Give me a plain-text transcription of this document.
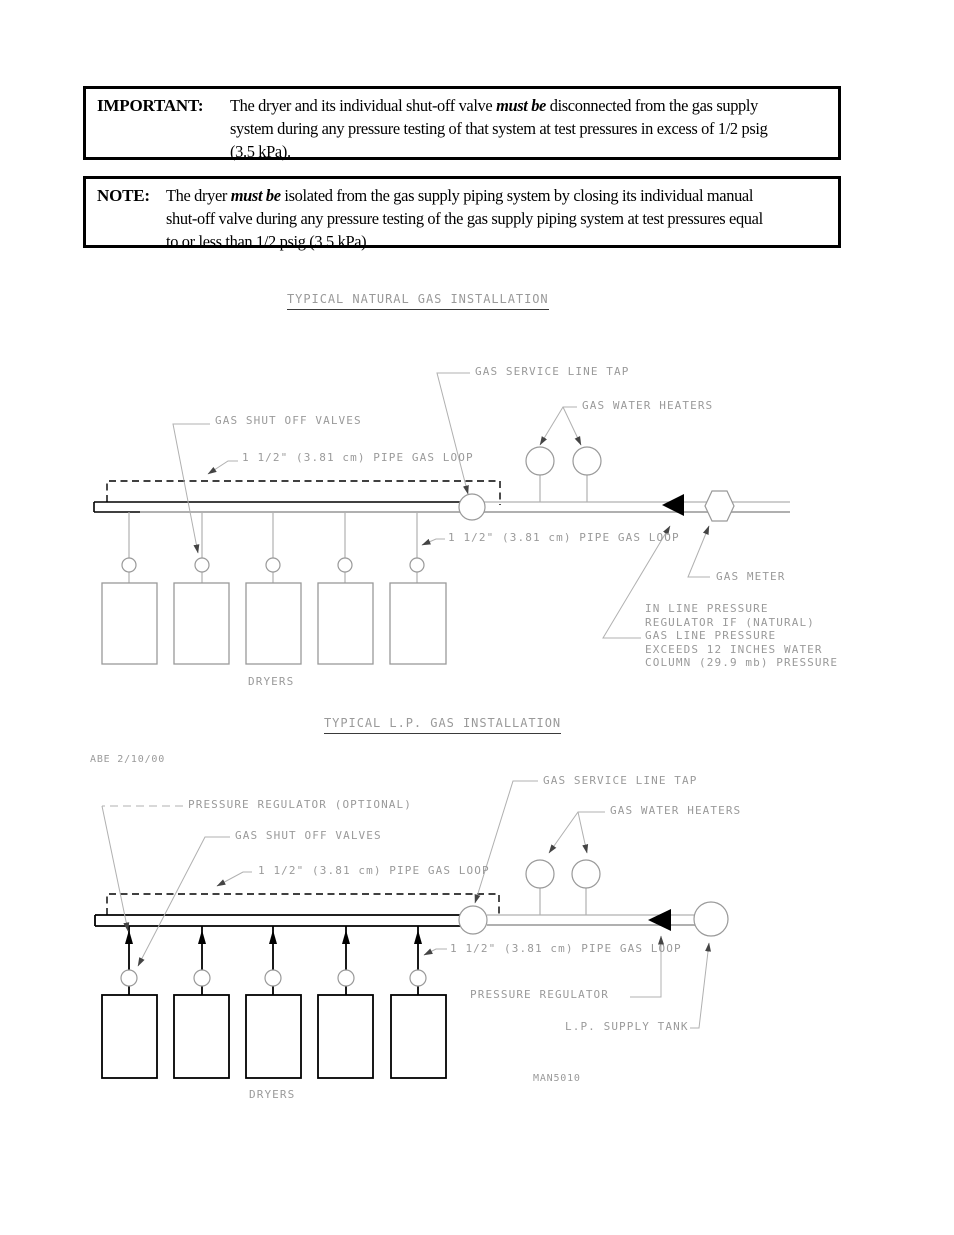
IMPORTANT:	The dryer and its individual shut-off valve must be disconnected from the gas supply
system during any pressure testing of that system at test pressures in excess of 1/2 psig
(3.5 kPa).
NOTE: The dryer must be isolated from the gas supply piping system by closing its individual manual
shut-off valve during any pressure testing of the gas supply piping system at test pressures equal
to or less than 1/2 psig (3.5 kPa).
TYPICAL NATURAL GAS INSTALLATION
GAS SERVICE LINE TAP
GAS WATER HEATERS
GAS SHUT OFF VALVES
1 1/2" (3.81 cm) PIPE GAS LOOP
1 1/2" (3.81 cm) PIPE GAS LOOP
GAS METER
IN LINE PRESSURE
REGULATOR IF (NATURAL)
GAS LINE PRESSURE
EXCEEDS 12 INCHES WATER
COLUMN (29.9 mb) PRESSURE
DRYERS
TYPICAL L.P. GAS INSTALLATION
ABE 2/10/00
PRESSURE REGULATOR (OPTIONAL)
GAS SHUT OFF VALVES
1 1/2" (3.81 cm) PIPE GAS LOOP
GAS SERVICE LINE TAP
GAS WATER HEATERS
1 1/2" (3.81 cm) PIPE GAS LOOP
PRESSURE REGULATOR
L.P. SUPPLY TANK
MAN5010
DRYERS
